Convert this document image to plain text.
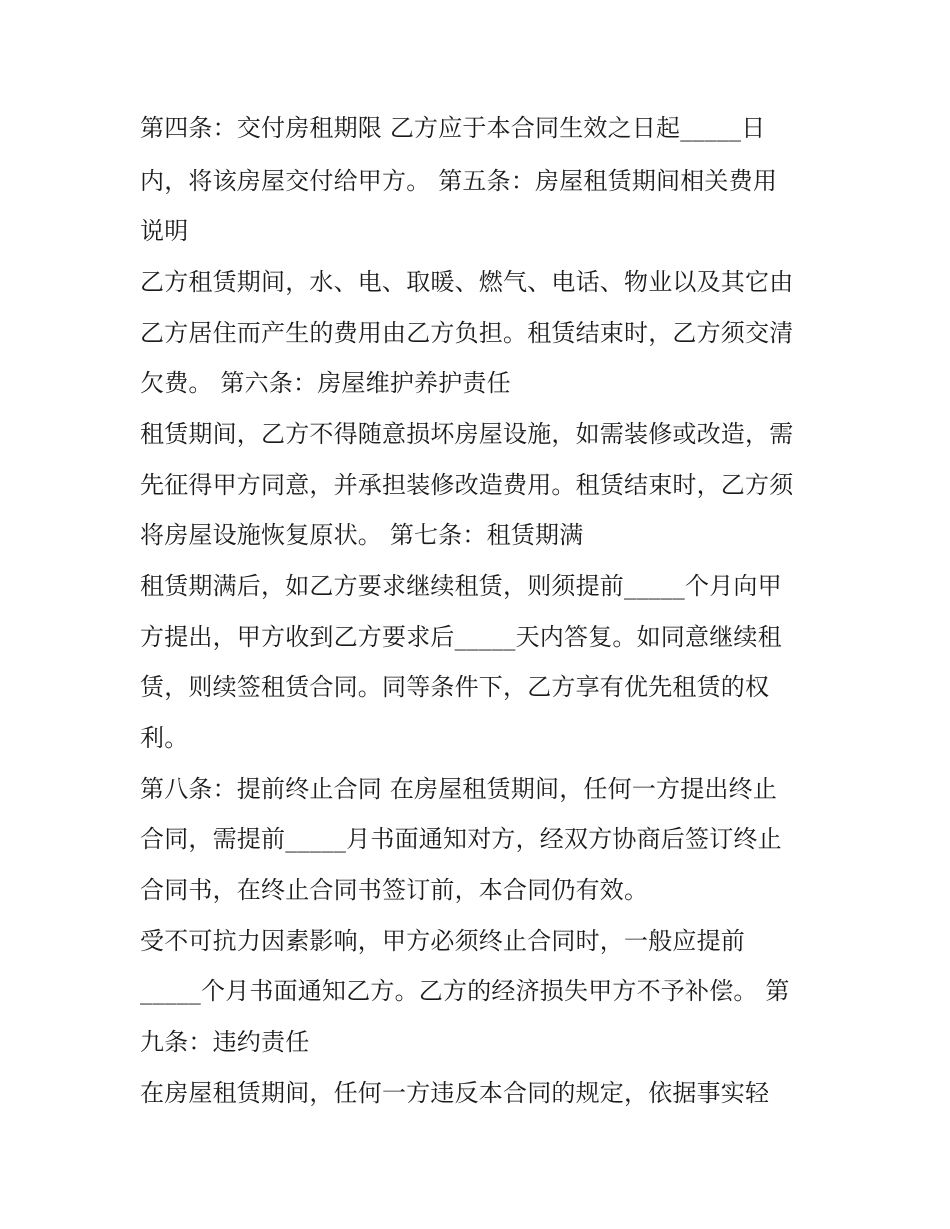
第四条：交付房租期限 乙方应于本合同生效之日起_____日

内，将该房屋交付给甲方。 第五条：房屋租赁期间相关费用

说明

乙方租赁期间，水、电、取暖、燃气、电话、物业以及其它由

乙方居住而产生的费用由乙方负担。租赁结束时，乙方须交清

欠费。 第六条：房屋维护养护责任

租赁期间，乙方不得随意损坏房屋设施，如需装修或改造，需

先征得甲方同意，并承担装修改造费用。租赁结束时，乙方须

将房屋设施恢复原状。 第七条：租赁期满

租赁期满后，如乙方要求继续租赁，则须提前_____个月向甲

方提出，甲方收到乙方要求后_____天内答复。如同意继续租

赁，则续签租赁合同。同等条件下，乙方享有优先租赁的权

利。

第八条：提前终止合同 在房屋租赁期间，任何一方提出终止

合同，需提前_____月书面通知对方，经双方协商后签订终止

合同书，在终止合同书签订前，本合同仍有效。

受不可抗力因素影响，甲方必须终止合同时，一般应提前

_____个月书面通知乙方。乙方的经济损失甲方不予补偿。 第

九条：违约责任

在房屋租赁期间，任何一方违反本合同的规定，依据事实轻
